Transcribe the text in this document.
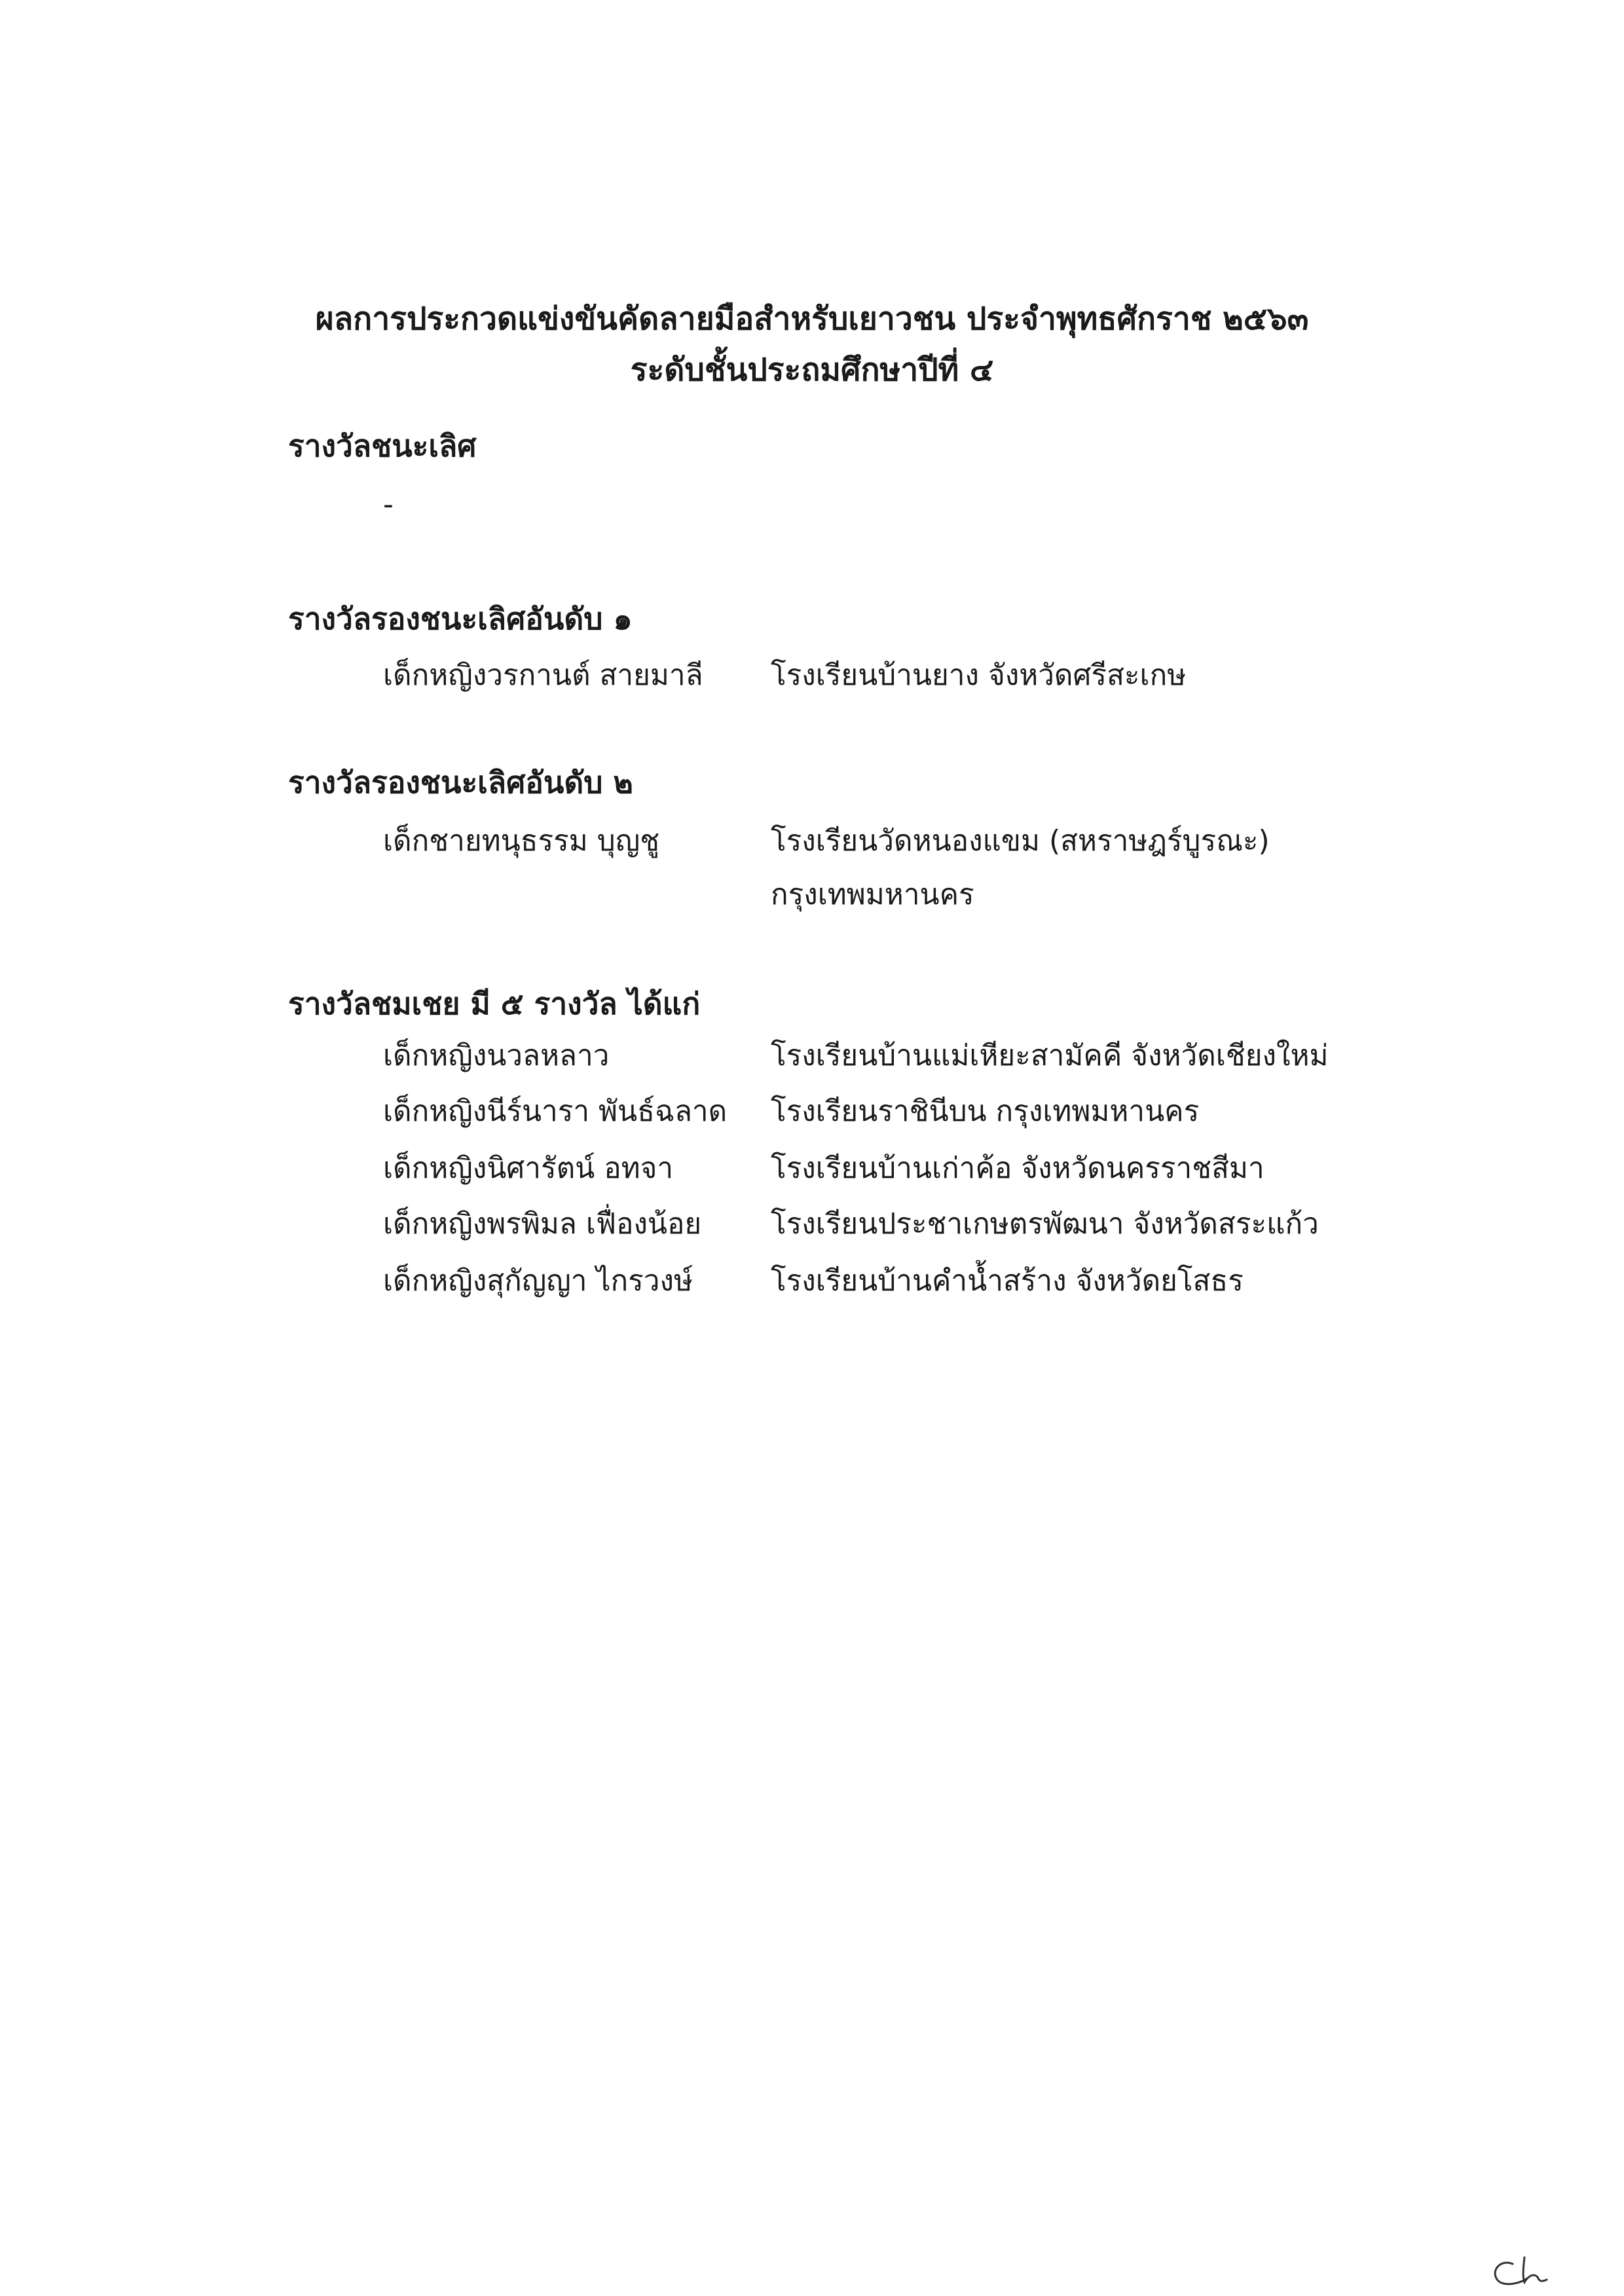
ผลการประกวดแข่งขันคัดลายมือสำหรับเยาวชน ประจำพุทธศักราช ๒๕๖๓
ระดับชั้นประถมศึกษาปีที่ ๔
รางวัลชนะเลิศ
-
รางวัลรองชนะเลิศอันดับ ๑
เด็กหญิงวรกานต์ สายมาลี โรงเรียนบ้านยาง จังหวัดศรีสะเกษ
รางวัลรองชนะเลิศอันดับ ๒
เด็กชายทนุธรรม บุญชู	โรงเรียนวัดหนองแขม (สหราษฎร์บูรณะ)
กรุงเทพมหานคร
รางวัลชมเชย มี ๕ รางวัล ได้แก่
เด็กหญิงนวลหลาว	โรงเรียนบ้านแม่เหียะสามัคคี จังหวัดเชียงใหม่
เด็กหญิงนีร์นารา พันธ์ฉลาด โรงเรียนราชินีบน กรุงเทพมหานคร
เด็กหญิงนิศารัตน์ อทจา	โรงเรียนบ้านเก่าค้อ จังหวัดนครราชสีมา
เด็กหญิงพรพิมล เฟื่องน้อย โรงเรียนประชาเกษตรพัฒนา จังหวัดสระแก้ว
เด็กหญิงสุกัญญา ไกรวงษ์	โรงเรียนบ้านคำน้ำสร้าง จังหวัดยโสธร
